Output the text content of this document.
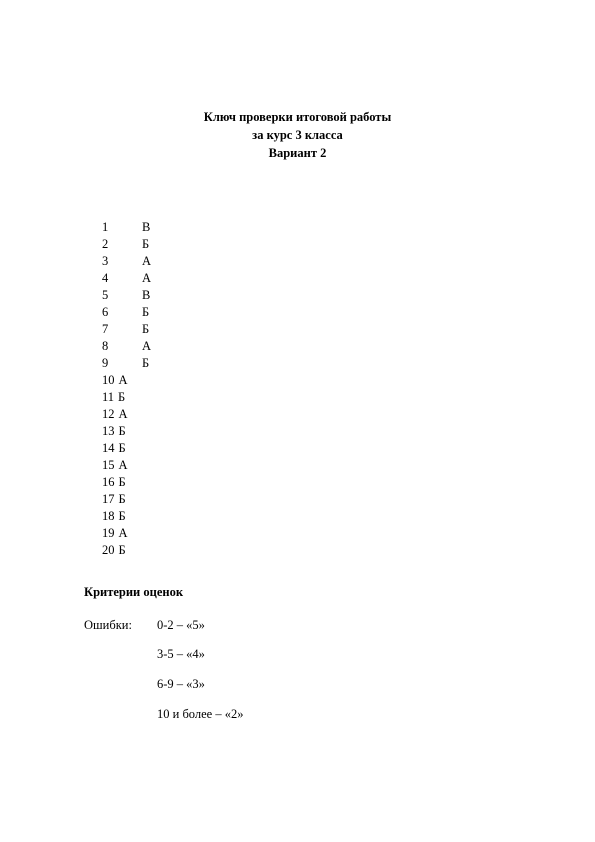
Ключ проверки итоговой работы
за курс 3 класса
Вариант 2
1	В
2	Б
3	А
4	А
5	В
6	Б
7	Б
8	А
9	Б
10 А
11 Б
12 А
13 Б
14 Б
15 А
16 Б
17 Б
18 Б
19 А
20 Б
Критерии оценок
Ошибки: 0-2 – «5»
3-5 – «4»
6-9 – «3»
10 и более – «2»
